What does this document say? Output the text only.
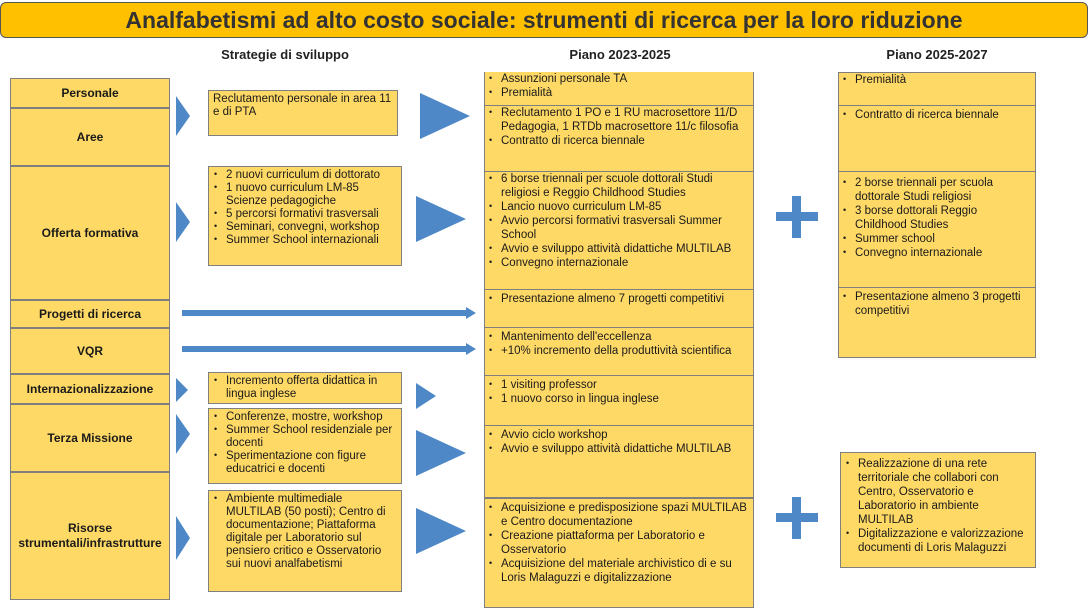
Analfabetismi ad alto costo sociale: strumenti di ricerca per la loro riduzione
Strategie di sviluppo	Piano 2023-2025	Piano 2025-2027
Personale
Aree
Offerta formativa
Progetti di ricerca
VQR
Internazionalizzazione
Terza Missione
Risorse strumentali/infrastrutture

Reclutamento personale in area 11 e di PTA

• 2 nuovi curriculum di dottorato
• 1 nuovo curriculum LM-85 Scienze pedagogiche
• 5 percorsi formativi trasversali
• Seminari, convegni, workshop
• Summer School internazionali
• Incremento offerta didattica in lingua inglese
• Conferenze, mostre, workshop
• Summer School residenziale per docenti
• Sperimentazione con figure educatrici e docenti
• Ambiente multimediale MULTILAB (50 posti); Centro di documentazione; Piattaforma digitale per Laboratorio sul pensiero critico e Osservatorio sui nuovi analfabetismi
• Assunzioni personale TA
• Premialità
• Reclutamento 1 PO e 1 RU macrosettore 11/D Pedagogia, 1 RTDb macrosettore 11/c filosofia
• Contratto di ricerca biennale
• 6 borse triennali per scuole dottorali Studi religiosi e Reggio Childhood Studies
• Lancio nuovo curriculum LM-85
• Avvio percorsi formativi trasversali Summer School
• Avvio e sviluppo attività didattiche MULTILAB
• Convegno internazionale
• Presentazione almeno 7 progetti competitivi
• Mantenimento dell'eccellenza
• +10% incremento della produttività scientifica
• 1 visiting professor
• 1 nuovo corso in lingua inglese
• Avvio ciclo workshop
• Avvio e sviluppo attività didattiche MULTILAB
• Acquisizione e predisposizione spazi MULTILAB e Centro documentazione
• Creazione piattaforma per Laboratorio e Osservatorio
• Acquisizione del materiale archivistico di e su Loris Malaguzzi e digitalizzazione
• Premialità
• Contratto di ricerca biennale
• 2 borse triennali per scuola dottorale Studi religiosi
• 3 borse dottorali Reggio Childhood Studies
• Summer school
• Convegno internazionale
• Presentazione almeno 3 progetti competitivi
• Realizzazione di una rete territoriale che collabori con Centro, Osservatorio e Laboratorio in ambiente MULTILAB
• Digitalizzazione e valorizzazione documenti di Loris Malaguzzi
